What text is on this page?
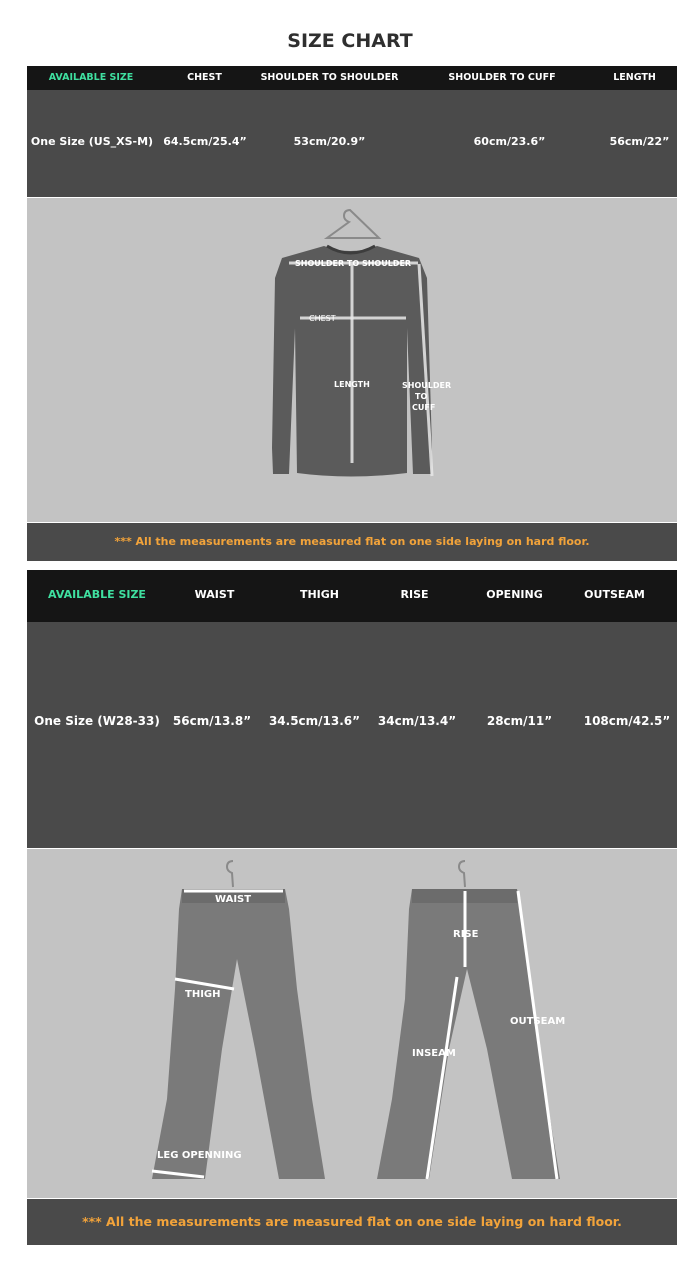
SIZE CHART
AVAILABLE SIZE	CHEST	SHOULDER TO SHOULDER	SHOULDER TO CUFF	LENGTH
One Size (US_XS-M) 64.5cm/25.4”	53cm/20.9”	60cm/23.6”	56cm/22”
SHOULDER TO SHOULDER
CHEST
LENGTH	SHOULDER
TO
CUFF
*** All the measurements are measured flat on one side laying on hard floor.
AVAILABLE SIZE	WAIST	THIGH	RISE	OPENING	OUTSEAM
One Size (W28-33)	56cm/13.8”	34.5cm/13.6”	34cm/13.4”	28cm/11”	108cm/42.5”
WAIST
THIGH
LEG OPENNING
RISE
INSEAM
OUTSEAM
*** All the measurements are measured flat on one side laying on hard floor.
